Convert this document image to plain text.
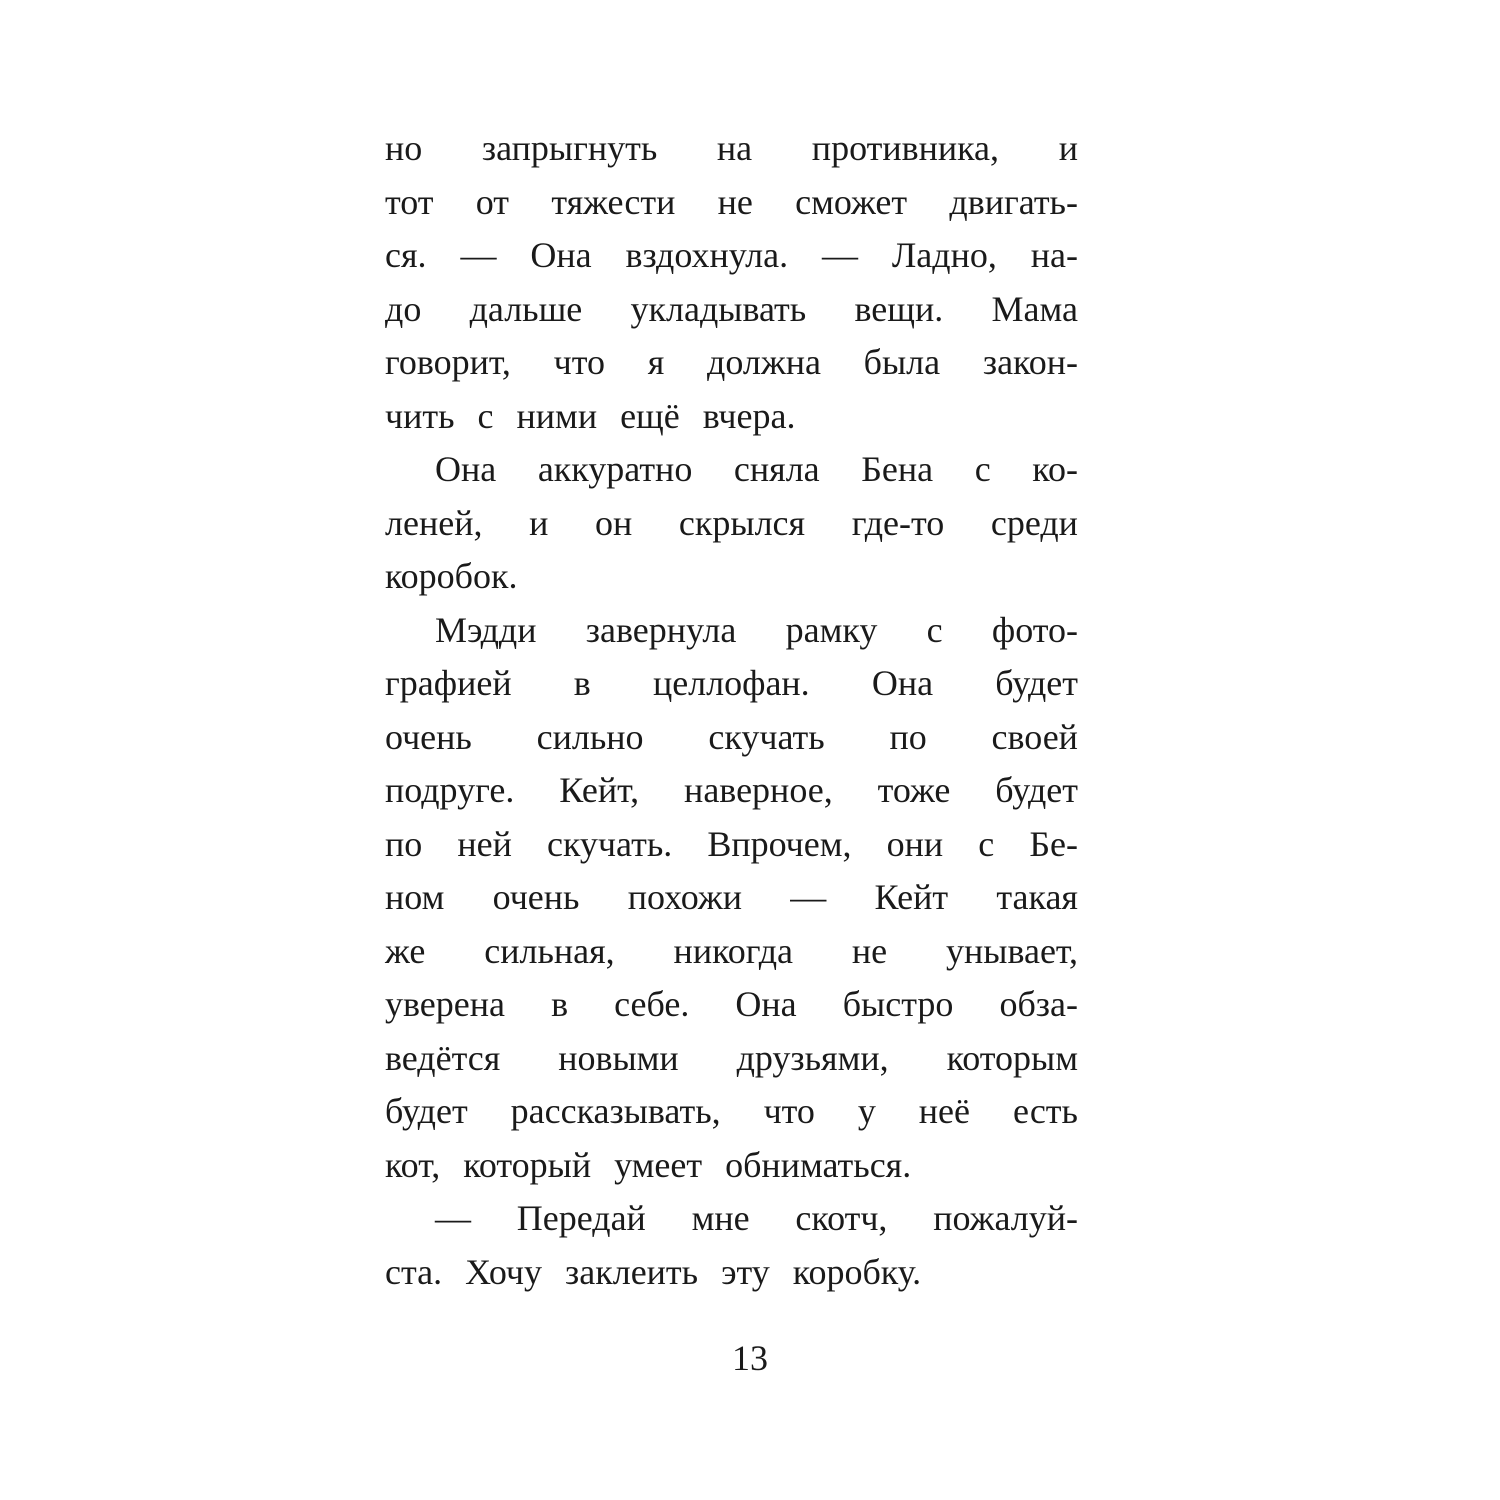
но запрыгнуть на противника, и
тот от тяжести не сможет двигать-
ся. — Она вздохнула. — Ладно, на-
до дальше укладывать вещи. Мама
говорит, что я должна была закон-
чить с ними ещё вчера.
Она аккуратно сняла Бена с ко-
леней, и он скрылся где-то среди
коробок.
Мэдди завернула рамку с фото-
графией в целлофан. Она будет
очень сильно скучать по своей
подруге. Кейт, наверное, тоже будет
по ней скучать. Впрочем, они с Бе-
ном очень похожи — Кейт такая
же сильная, никогда не унывает,
уверена в себе. Она быстро обза-
ведётся новыми друзьями, которым
будет рассказывать, что у неё есть
кот, который умеет обниматься.
— Передай мне скотч, пожалуй-
ста. Хочу заклеить эту коробку.
13
